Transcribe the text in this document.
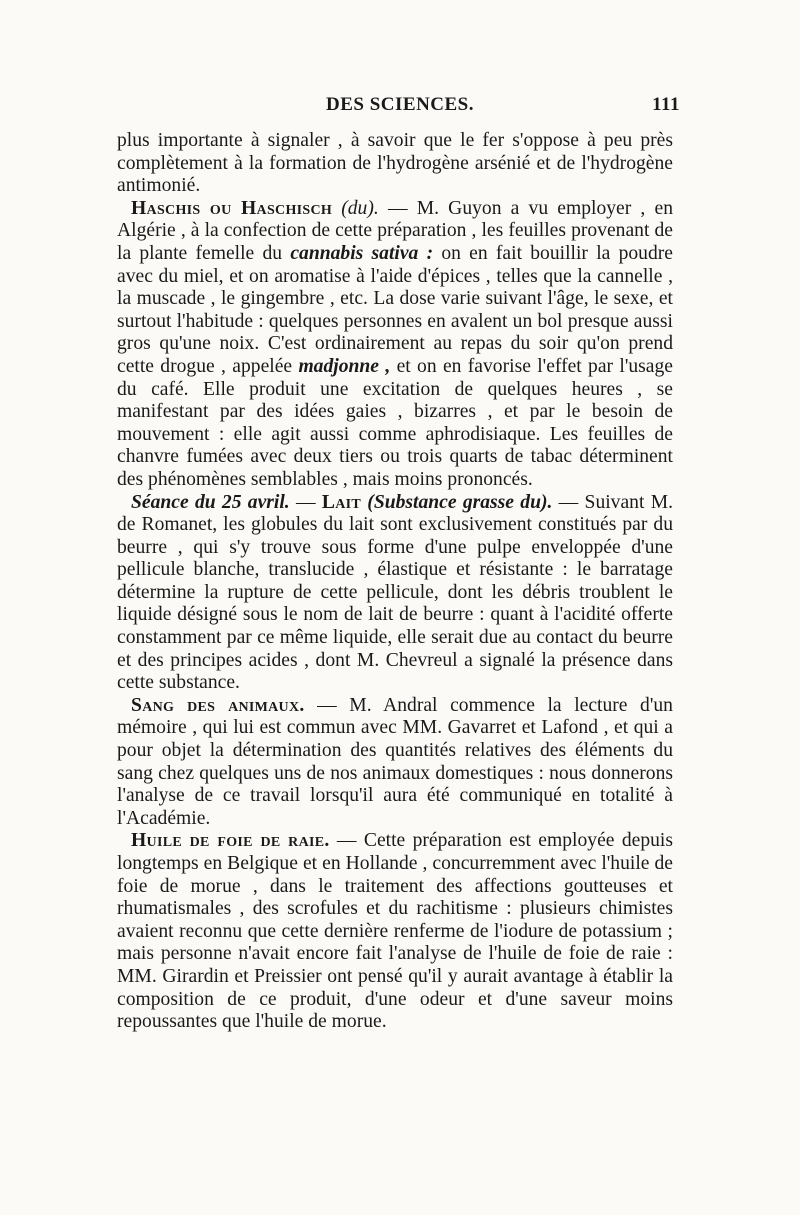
DES SCIENCES.	111

plus importante à signaler , à savoir que le fer s'oppose à peu près complètement à la formation de l'hydrogène arsénié et de l'hydrogène antimonié.

Haschis ou Haschisch (du). — M. Guyon a vu employer , en Algérie , à la confection de cette préparation , les feuilles provenant de la plante femelle du cannabis sativa : on en fait bouillir la poudre avec du miel, et on aromatise à l'aide d'épices , telles que la cannelle , la muscade , le gingembre , etc. La dose varie suivant l'âge, le sexe, et surtout l'habitude : quelques personnes en avalent un bol presque aussi gros qu'une noix. C'est ordinairement au repas du soir qu'on prend cette drogue , appelée madjonne , et on en favorise l'effet par l'usage du café. Elle produit une excitation de quelques heures , se manifestant par des idées gaies , bizarres , et par le besoin de mouvement : elle agit aussi comme aphrodisiaque. Les feuilles de chanvre fumées avec deux tiers ou trois quarts de tabac déterminent des phénomènes semblables , mais moins prononcés.

Séance du 25 avril. — Lait (Substance grasse du). — Suivant M. de Romanet, les globules du lait sont exclusivement constitués par du beurre , qui s'y trouve sous forme d'une pulpe enveloppée d'une pellicule blanche, translucide , élastique et résistante : le barratage détermine la rupture de cette pellicule, dont les débris troublent le liquide désigné sous le nom de lait de beurre : quant à l'acidité offerte constamment par ce même liquide, elle serait due au contact du beurre et des principes acides , dont M. Chevreul a signalé la présence dans cette substance.

Sang des animaux. — M. Andral commence la lecture d'un mémoire , qui lui est commun avec MM. Gavarret et Lafond , et qui a pour objet la détermination des quantités relatives des éléments du sang chez quelques uns de nos animaux domestiques : nous donnerons l'analyse de ce travail lorsqu'il aura été communiqué en totalité à l'Académie.

Huile de foie de raie. — Cette préparation est employée depuis longtemps en Belgique et en Hollande , concurremment avec l'huile de foie de morue , dans le traitement des affections goutteuses et rhumatismales , des scrofules et du rachitisme : plusieurs chimistes avaient reconnu que cette dernière renferme de l'iodure de potassium ; mais personne n'avait encore fait l'analyse de l'huile de foie de raie : MM. Girardin et Preissier ont pensé qu'il y aurait avantage à établir la composition de ce produit, d'une odeur et d'une saveur moins repoussantes que l'huile de morue.
